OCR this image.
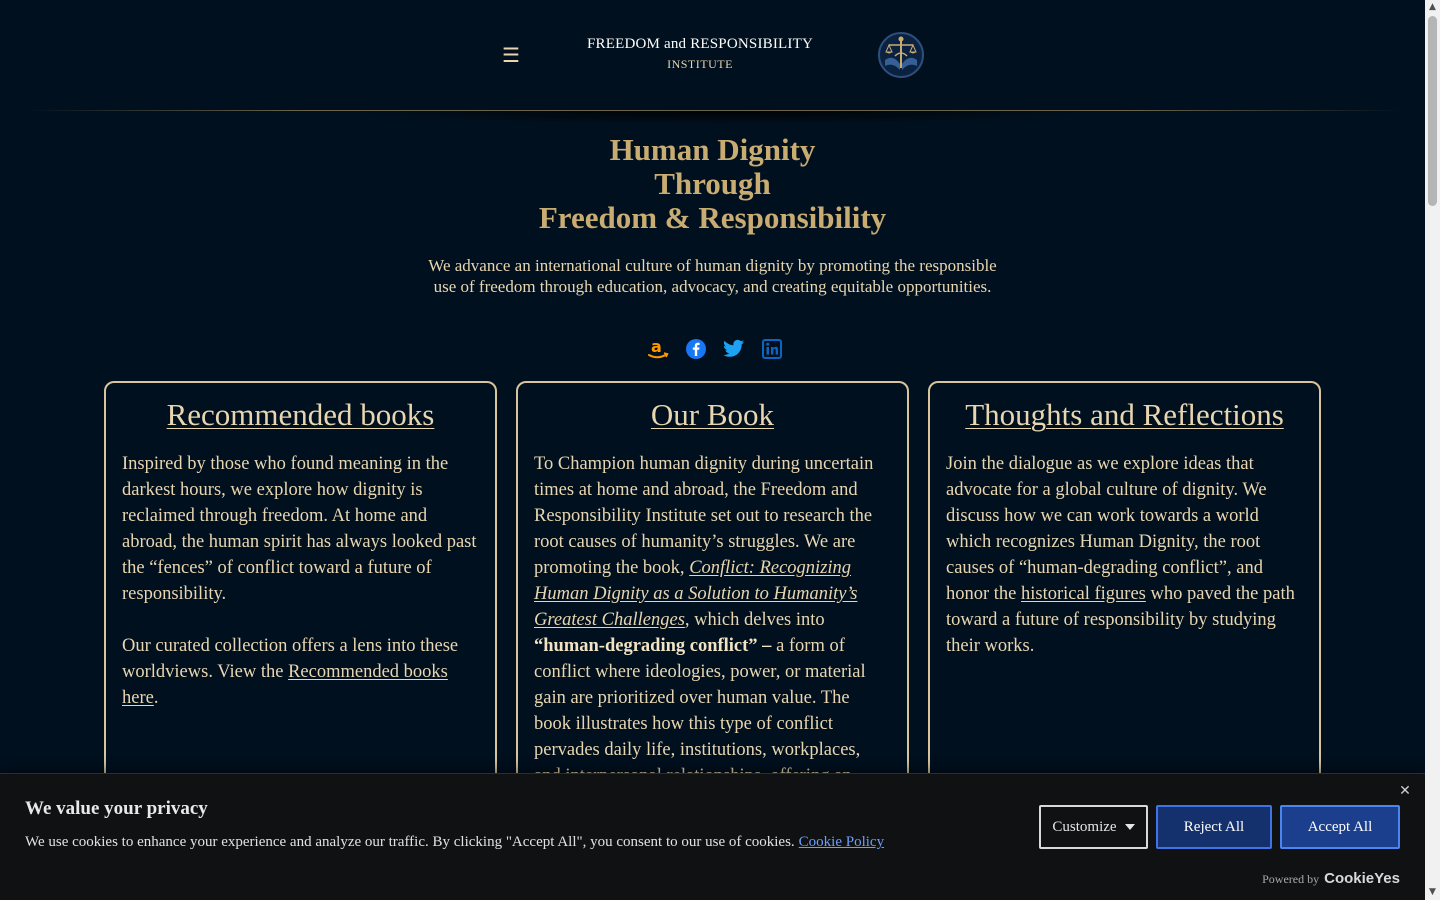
☰	FREEDOM and RESPONSIBILITY
INSTITUTE
Human Dignity
Through
Freedom & Responsibility

We advance an international culture of human dignity by promoting the responsible use of freedom through education, advocacy, and creating equitable opportunities.

a
Recommended books

Inspired by those who found meaning in the darkest hours, we explore how dignity is reclaimed through freedom. At home and abroad, the human spirit has always looked past the “fences” of conflict toward a future of responsibility.

Our curated collection offers a lens into these worldviews. View the Recommended books here.

Our Book

To Champion human dignity during uncertain times at home and abroad, the Freedom and Responsibility Institute set out to research the root causes of humanity’s struggles. We are promoting the book, Conflict: Recognizing Human Dignity as a Solution to Humanity’s Greatest Challenges, which delves into “human-degrading conflict” – a form of conflict where ideologies, power, or material gain are prioritized over human value. The book illustrates how this type of conflict pervades daily life, institutions, workplaces,

Thoughts and Reflections

Join the dialogue as we explore ideas that advocate for a global culture of dignity. We discuss how we can work towards a world which recognizes Human Dignity, the root causes of “human-degrading conflict”, and honor the historical figures who paved the path toward a future of responsibility by studying their works.

We value your privacy
We use cookies to enhance your experience and analyze our traffic. By clicking "Accept All", you consent to our use of cookies. Cookie Policy
✕
Customize	Reject All	Accept All
Powered by CookieYes
▲
▼
